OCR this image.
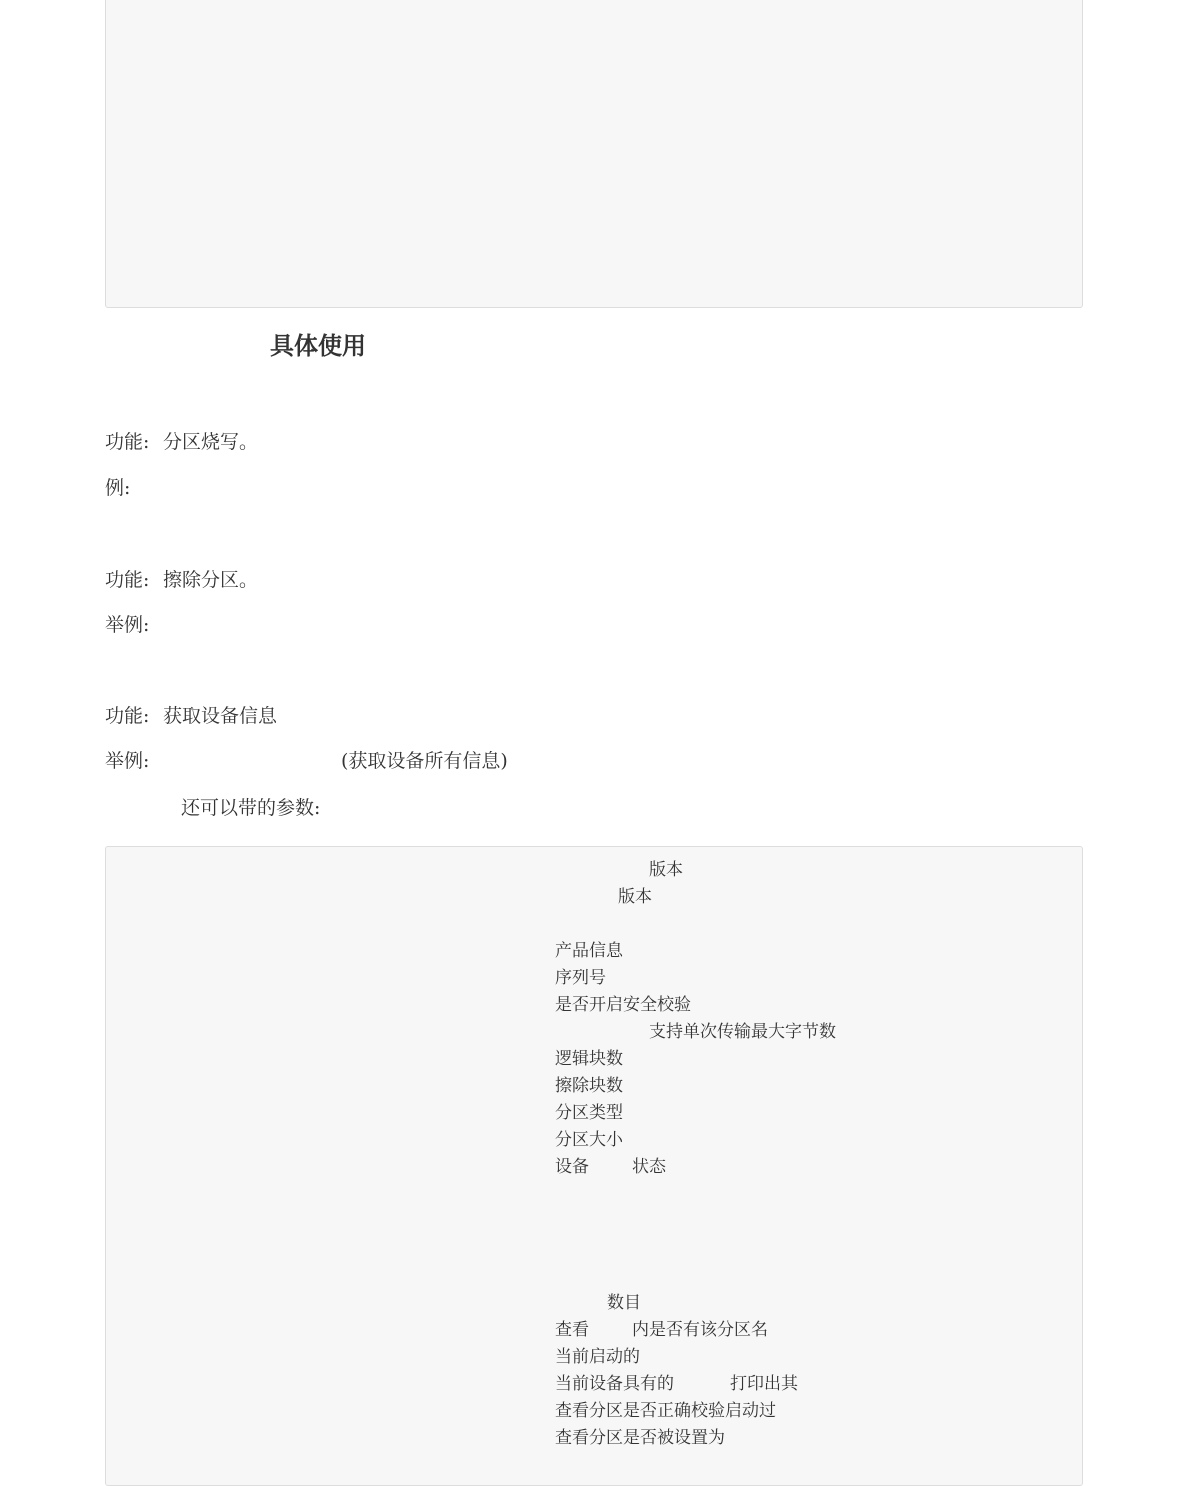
具体使用
功能: 分区烧写。
例:
功能: 擦除分区。
举例:
功能: 获取设备信息
举例:	(获取设备所有信息)
还可以带的参数:
版本
版本
产品信息
序列号
是否开启安全校验
支持单次传输最大字节数
逻辑块数
擦除块数
分区类型
分区大小
设备	状态
数目
查看	内是否有该分区名
当前启动的
当前设备具有的	打印出其
查看分区是否正确校验启动过
查看分区是否被设置为
